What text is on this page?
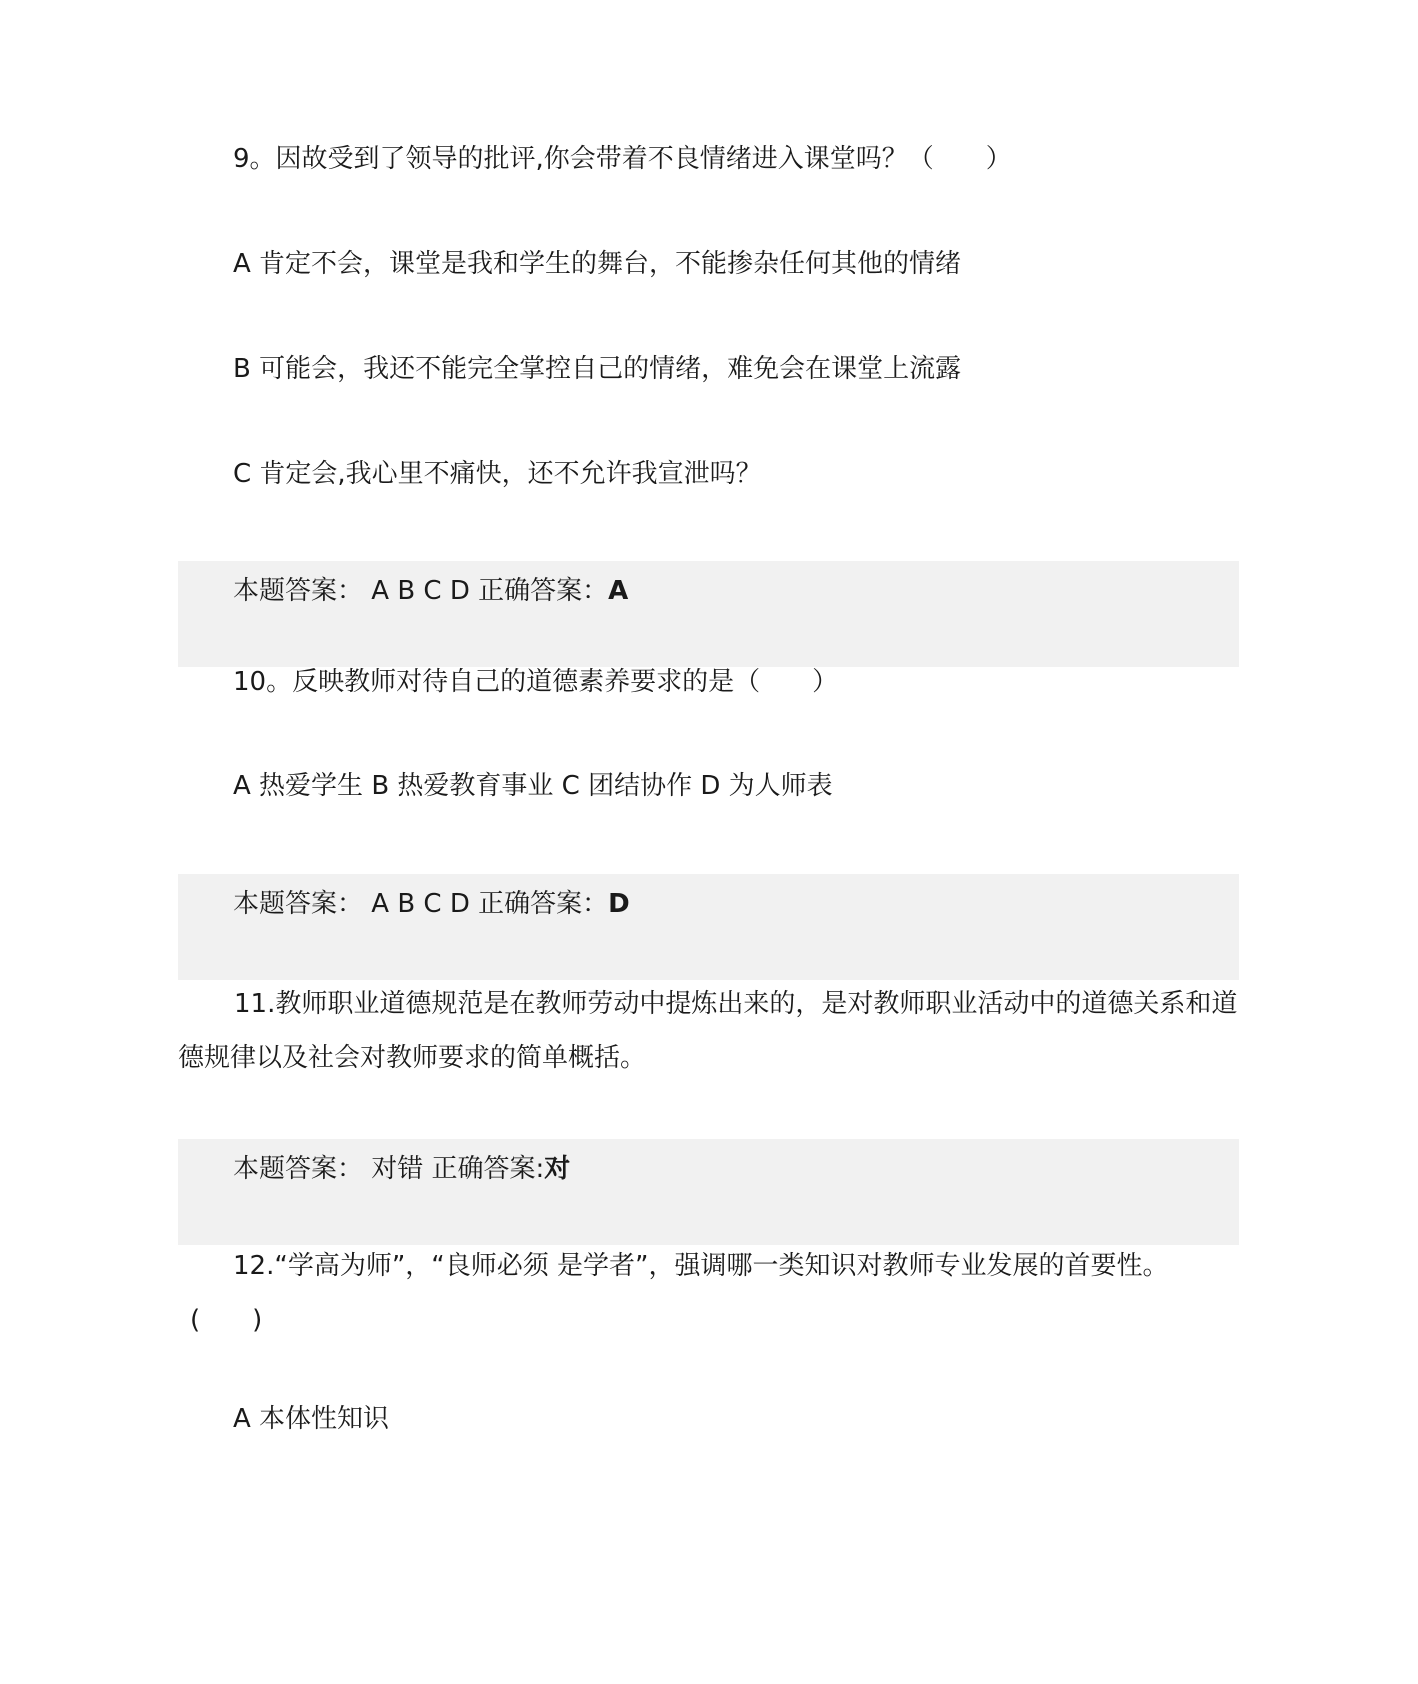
9。因故受到了领导的批评,你会带着不良情绪进入课堂吗？（　　）
A 肯定不会，课堂是我和学生的舞台，不能掺杂任何其他的情绪
B 可能会，我还不能完全掌控自己的情绪，难免会在课堂上流露
C 肯定会,我心里不痛快，还不允许我宣泄吗？
本题答案： A B C D 正确答案：A
10。反映教师对待自己的道德素养要求的是（　　）
A 热爱学生 B 热爱教育事业 C 团结协作 D 为人师表
本题答案： A B C D 正确答案：D
11.教师职业道德规范是在教师劳动中提炼出来的，是对教师职业活动中的道德关系和道德规律以及社会对教师要求的简单概括。
本题答案： 对错 正确答案:对
12.“学高为师”，“良师必须 是学者”，强调哪一类知识对教师专业发展的首要性。(　　)
A 本体性知识
